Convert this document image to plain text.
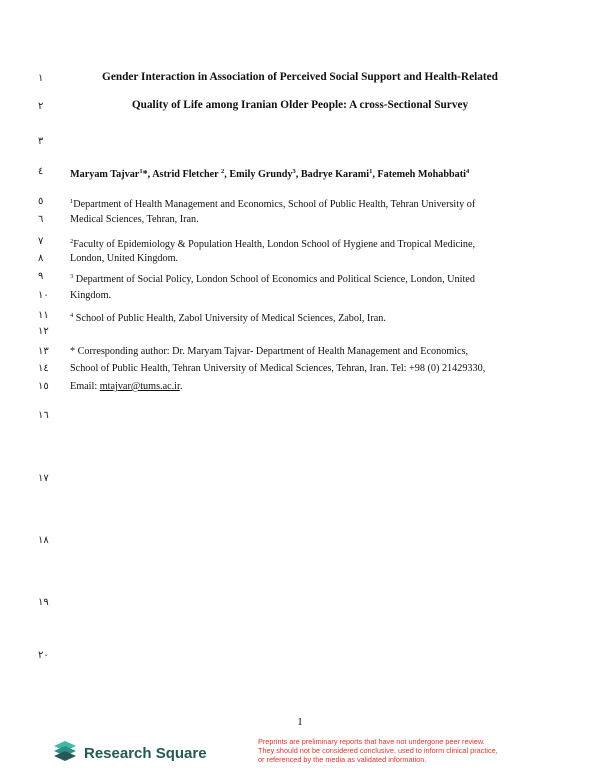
١
٢
٣
٤
٥
٦
٧
٨
٩
١٠
١١
١٢
١٣
١٤
١٥
١٦
١٧
١٨
١٩
٢٠
Gender Interaction in Association of Perceived Social Support and Health-Related
Quality of Life among Iranian Older People: A cross-Sectional Survey
Maryam Tajvar$^1$*, Astrid Fletcher $^2$, Emily Grundy$^3$, Badrye Karami$^1$, Fatemeh Mohabbati$^4$
$^1$Department of Health Management and Economics, School of Public Health, Tehran University of
Medical Sciences, Tehran, Iran.
$^2$Faculty of Epidemiology & Population Health, London School of Hygiene and Tropical Medicine,
London, United Kingdom.
$^3$ Department of Social Policy, London School of Economics and Political Science, London, United
Kingdom.
$^4$ School of Public Health, Zabol University of Medical Sciences, Zabol, Iran.
* Corresponding author: Dr. Maryam Tajvar- Department of Health Management and Economics,
School of Public Health, Tehran University of Medical Sciences, Tehran, Iran. Tel: +98 (0) 21429330,
Email: mtajvar@tums.ac.ir.
1
Research Square
Preprints are preliminary reports that have not undergone peer review.
They should not be considered conclusive, used to inform clinical practice,
or referenced by the media as validated information.
